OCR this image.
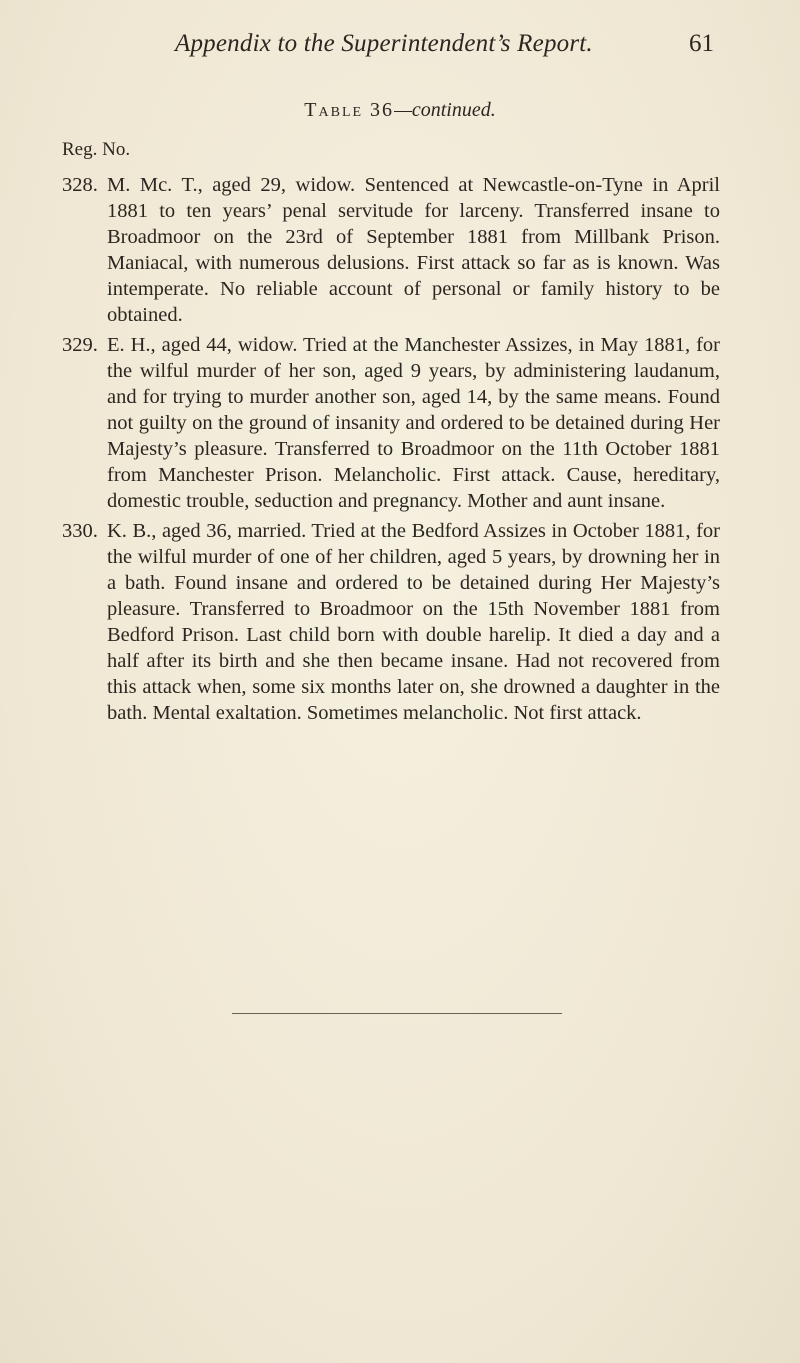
Appendix to the Superintendent’s Report.	61
Table 36—continued.
Reg. No.
328. M. Mc. T., aged 29, widow. Sentenced at Newcastle-on-Tyne in April 1881 to ten years’ penal servitude for larceny. Transferred insane to Broadmoor on the 23rd of September 1881 from Millbank Prison. Maniacal, with numerous delusions. First attack so far as is known. Was intemperate. No reliable account of personal or family history to be obtained.
329. E. H., aged 44, widow. Tried at the Manchester Assizes, in May 1881, for the wilful murder of her son, aged 9 years, by administering laudanum, and for trying to murder another son, aged 14, by the same means. Found not guilty on the ground of insanity and ordered to be detained during Her Majesty’s pleasure. Transferred to Broadmoor on the 11th October 1881 from Manchester Prison. Melancholic. First attack. Cause, hereditary, domestic trouble, seduction and pregnancy. Mother and aunt insane.
330. K. B., aged 36, married. Tried at the Bedford Assizes in October 1881, for the wilful murder of one of her children, aged 5 years, by drowning her in a bath. Found insane and ordered to be detained during Her Majesty’s pleasure. Transferred to Broadmoor on the 15th November 1881 from Bedford Prison. Last child born with double harelip. It died a day and a half after its birth and she then became insane. Had not recovered from this attack when, some six months later on, she drowned a daughter in the bath. Mental exaltation. Sometimes melancholic. Not first attack.
